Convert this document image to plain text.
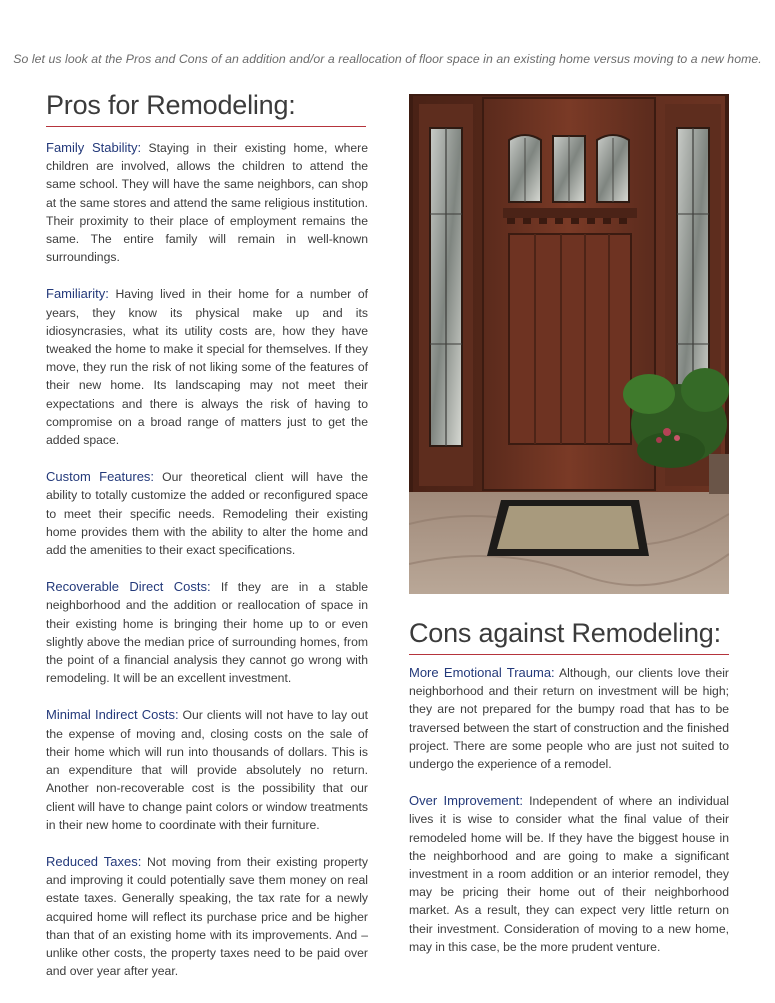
So let us look at the Pros and Cons of an addition and/or a reallocation of floor space in an existing home versus moving to a new home.
Pros for Remodeling:

Family Stability: Staying in their existing home, where children are involved, allows the children to attend the same school. They will have the same neighbors, can shop at the same stores and attend the same religious institution. Their proximity to their place of employment remains the same. The entire family will remain in well-known surroundings.

Familiarity: Having lived in their home for a number of years, they know its physical make up and its idiosyncrasies, what its utility costs are, how they have tweaked the home to make it special for themselves. If they move, they run the risk of not liking some of the features of their new home. Its landscaping may not meet their expectations and there is always the risk of having to compromise on a broad range of matters just to get the added space.

Custom Features: Our theoretical client will have the ability to totally customize the added or reconfigured space to meet their specific needs. Remodeling their existing home provides them with the ability to alter the home and add the amenities to their exact specifications.

Recoverable Direct Costs: If they are in a stable neighborhood and the addition or reallocation of space in their existing home is bringing their home up to or even slightly above the median price of surrounding homes, from the point of a financial analysis they cannot go wrong with remodeling. It will be an excellent investment.

Minimal Indirect Costs: Our clients will not have to lay out the expense of moving and, closing costs on the sale of their home which will run into thousands of dollars. This is an expenditure that will provide absolutely no return. Another non-recoverable cost is the possibility that our client will have to change paint colors or window treatments in their new home to coordinate with their furniture.

Reduced Taxes: Not moving from their existing property and improving it could potentially save them money on real estate taxes. Generally speaking, the tax rate for a newly acquired home will reflect its purchase price and be higher than that of an existing home with its improvements. And – unlike other costs, the property taxes need to be paid over and over year after year.

Cons against Remodeling:

More Emotional Trauma: Although, our clients love their neighborhood and their return on investment will be high; they are not prepared for the bumpy road that has to be traversed between the start of construction and the finished project. There are some people who are just not suited to undergo the experience of a remodel.

Over Improvement: Independent of where an individual lives it is wise to consider what the final value of their remodeled home will be. If they have the biggest house in the neighborhood and are going to make a significant investment in a room addition or an interior remodel, they may be pricing their home out of their neighborhood market. As a result, they can expect very little return on their investment. Consideration of moving to a new home, may in this case, be the more prudent venture.
